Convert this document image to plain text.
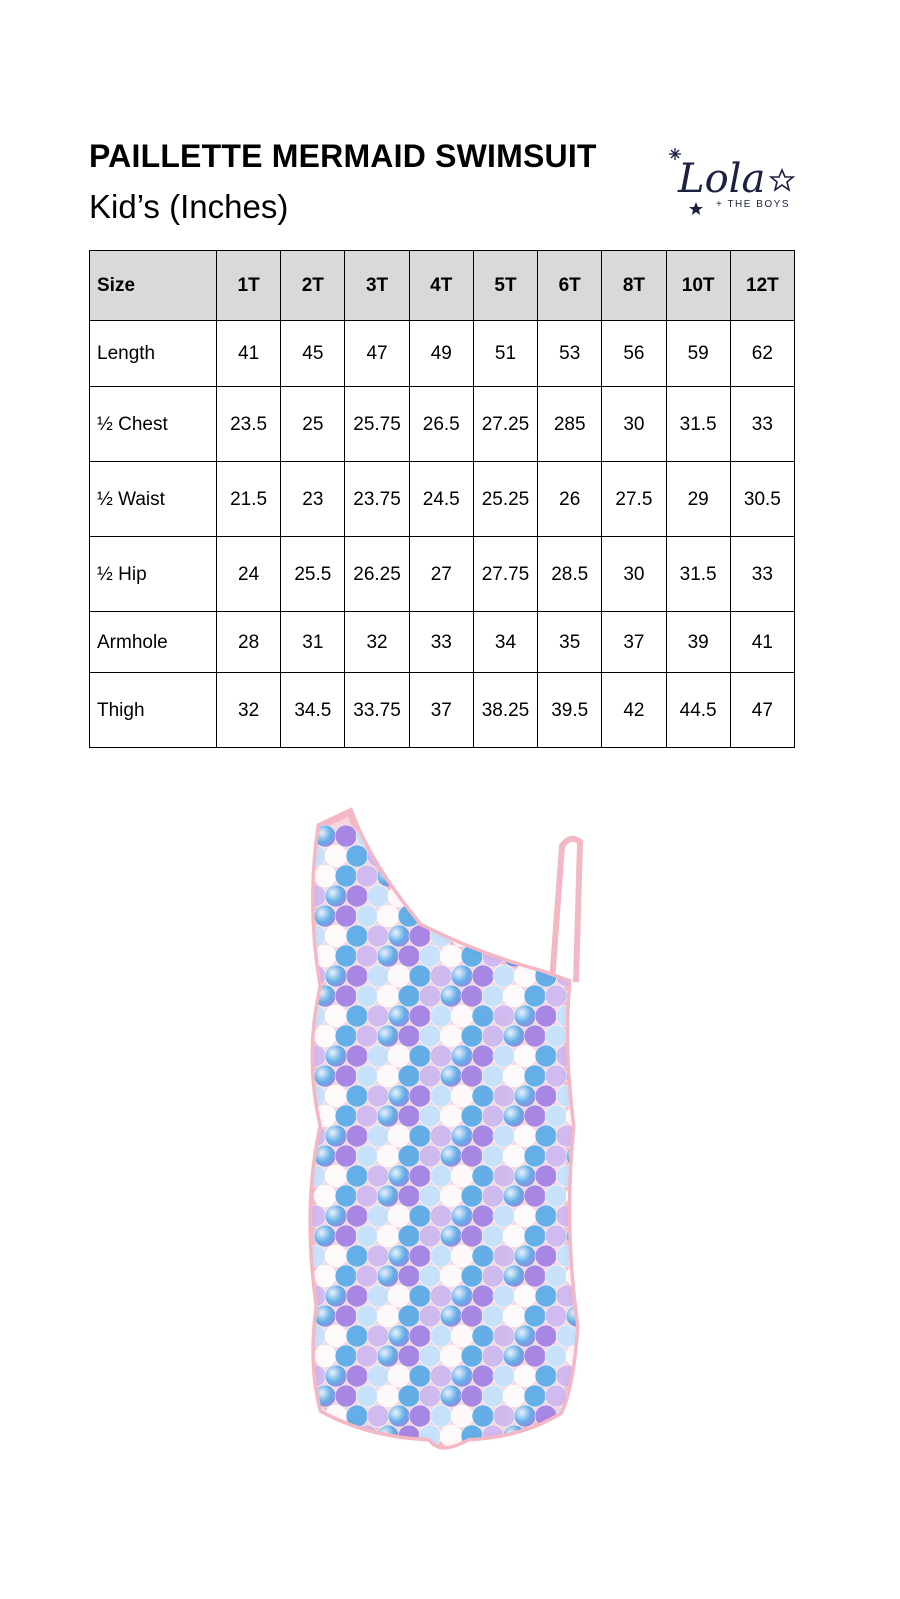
PAILLETTE MERMAID SWIMSUIT
Kid’s (Inches)
Lola
+ THE BOYS
Size	1T	2T	3T	4T	5T	6T	8T	10T	12T
Length	41	45	47	49	51	53	56	59	62
½ Chest	23.5	25	25.75	26.5	27.25	285	30	31.5	33
½ Waist	21.5	23	23.75	24.5	25.25	26	27.5	29	30.5
½ Hip	24	25.5	26.25	27	27.75	28.5	30	31.5	33
Armhole	28	31	32	33	34	35	37	39	41
Thigh	32	34.5	33.75	37	38.25	39.5	42	44.5	47
